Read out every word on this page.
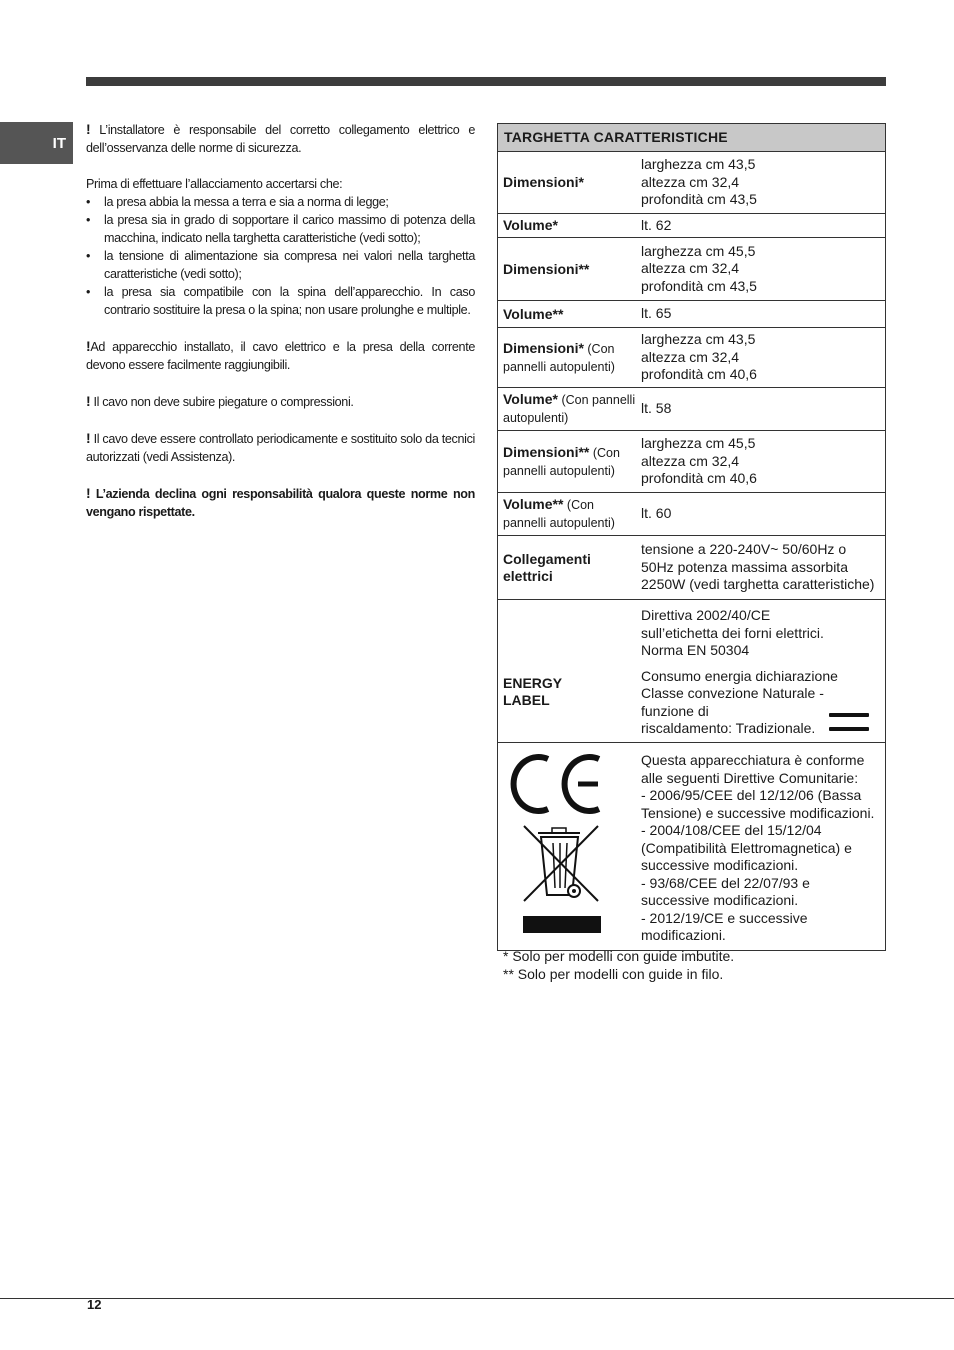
IT

! L’installatore è responsabile del corretto collegamento elettrico e dell’osservanza delle norme di sicurezza.

Prima di effettuare l’allacciamento accertarsi che:

• la presa abbia la messa a terra e sia a norma di legge;
• la presa sia in grado di sopportare il carico massimo di potenza della macchina, indicato nella targhetta caratteristiche (vedi sotto);
• la tensione di alimentazione sia compresa nei valori nella targhetta caratteristiche (vedi sotto);
• la presa sia compatibile con la spina dell’apparecchio. In caso contrario sostituire la presa o la spina; non usare prolunghe e multiple.

!Ad apparecchio installato, il cavo elettrico e la presa della corrente devono essere facilmente raggiungibili.

! Il cavo non deve subire piegature o compressioni.

! Il cavo deve essere controllato periodicamente e sostituito solo da tecnici autorizzati (vedi Assistenza).

! L’azienda declina ogni responsabilità qualora queste norme non vengano rispettate.

TARGHETTA CARATTERISTICHE
Dimensioni*
larghezza cm 43,5
altezza cm 32,4
profondità cm 43,5
Volume*	lt. 62
Dimensioni**
larghezza cm 45,5
altezza cm 32,4
profondità cm 43,5
Volume**	lt. 65
Dimensioni* (Con pannelli autopulenti)
larghezza cm 43,5
altezza cm 32,4
profondità cm 40,6
Volume* (Con pannelli autopulenti)
lt. 58
Dimensioni** (Con pannelli autopulenti)
larghezza cm 45,5
altezza cm 32,4
profondità cm 40,6
Volume** (Con pannelli autopulenti)
lt. 60
Collegamenti
elettrici
tensione a 220-240V~ 50/60Hz o
50Hz potenza massima assorbita
2250W (vedi targhetta caratteristiche)
ENERGY
LABEL
Direttiva 2002/40/CE
sull’etichetta dei forni elettrici.
Norma EN 50304
Consumo energia dichiarazione
Classe convezione Naturale -
funzione di
riscaldamento: Tradizionale.
Questa apparecchiatura è conforme
alle seguenti Direttive Comunitarie:
- 2006/95/CEE del 12/12/06 (Bassa
Tensione) e successive modificazioni.
- 2004/108/CEE del 15/12/04
(Compatibilità Elettromagnetica) e
successive modificazioni.
- 93/68/CEE del 22/07/93 e
successive modificazioni.
- 2012/19/CE e successive
modificazioni.
* Solo per modelli con guide imbutite.
** Solo per modelli con guide in filo.
12
